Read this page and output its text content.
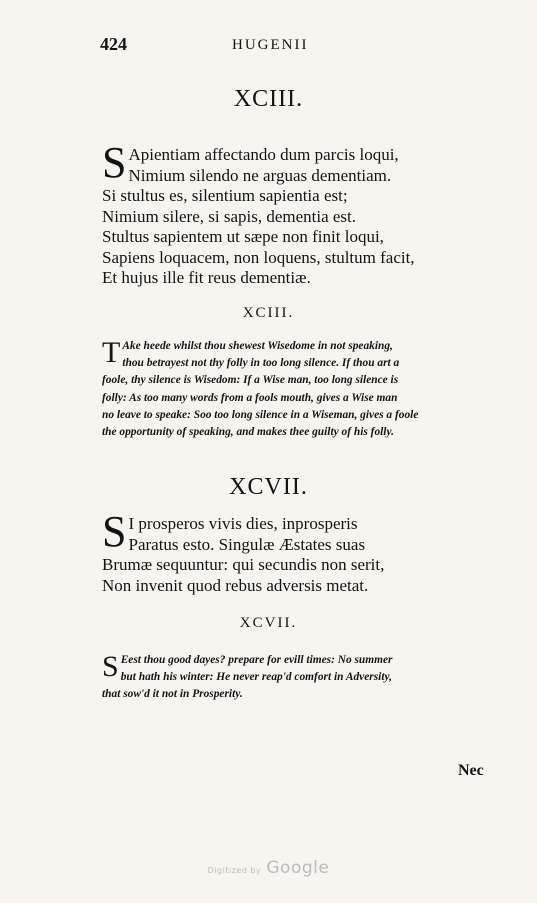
424	HUGENII
XCIII.
S Apientiam affectando dum parcis loqui,
Nimium silendo ne arguas dementiam.
Si stultus es, silentium sapientia est;
Nimium silere, si sapis, dementia est.
Stultus sapientem ut sæpe non finit loqui,
Sapiens loquacem, non loquens, stultum facit,
Et hujus ille fit reus dementiæ.
XCIII.
T Ake heede whilst thou shewest Wisedome in not speaking,
thou betrayest not thy folly in too long silence. If thou art a
foole, thy silence is Wisedom: If a Wise man, too long silence is
folly: As too many words from a fools mouth, gives a Wise man
no leave to speake: Soo too long silence in a Wiseman, gives a foole
the opportunity of speaking, and makes thee guilty of his folly.
XCVII.
S I prosperos vivis dies, inprosperis
Paratus esto. Singulæ Æstates suas
Brumæ sequuntur: qui secundis non serit,
Non invenit quod rebus adversis metat.
XCVII.
S Eest thou good dayes? prepare for evill times: No summer
but hath his winter: He never reap'd comfort in Adversity,
that sow'd it not in Prosperity.
Nec
Digitized by Google
